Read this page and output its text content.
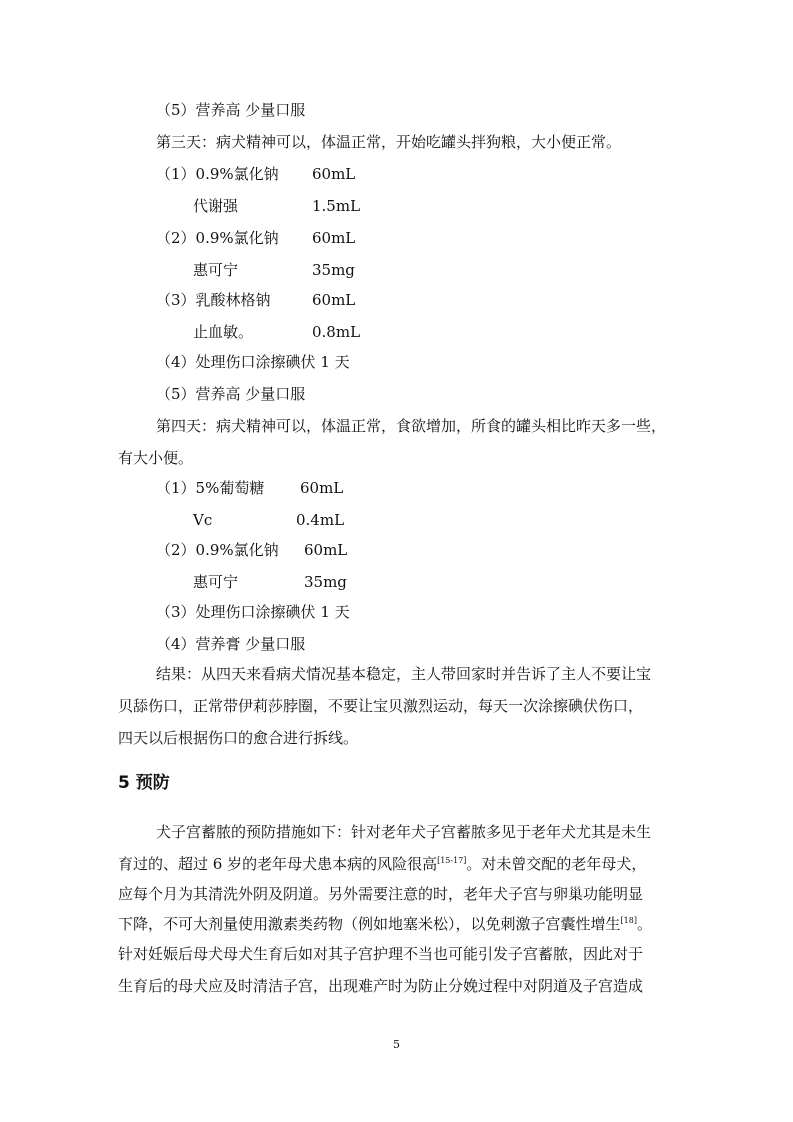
（5）营养高 少量口服
第三天：病犬精神可以，体温正常，开始吃罐头拌狗粮，大小便正常。
（1）0.9%氯化钠 60mL
代谢强	1.5mL
（2）0.9%氯化钠 60mL
惠可宁	35mg
（3）乳酸林格钠	60mL
止血敏。	0.8mL
（4）处理伤口涂擦碘伏 1 天
（5）营养高 少量口服
第四天：病犬精神可以，体温正常，食欲增加，所食的罐头相比昨天多一些，
有大小便。
（1）5%葡萄糖 60mL
Vc	0.4mL
（2）0.9%氯化钠 60mL
惠可宁	35mg
（3）处理伤口涂擦碘伏 1 天
（4）营养膏 少量口服
结果：从四天来看病犬情况基本稳定，主人带回家时并告诉了主人不要让宝
贝舔伤口，正常带伊莉莎脖圈，不要让宝贝激烈运动，每天一次涂擦碘伏伤口，
四天以后根据伤口的愈合进行拆线。
5 预防
犬子宫蓄脓的预防措施如下：针对老年犬子宫蓄脓多见于老年犬尤其是未生
育过的、超过 6 岁的老年母犬患本病的风险很高[15-17]。对未曾交配的老年母犬，
应每个月为其清洗外阴及阴道。另外需要注意的时，老年犬子宫与卵巢功能明显
下降，不可大剂量使用激素类药物（例如地塞米松），以免刺激子宫囊性增生[18]。
针对妊娠后母犬母犬生育后如对其子宫护理不当也可能引发子宫蓄脓，因此对于
生育后的母犬应及时清洁子宫，出现难产时为防止分娩过程中对阴道及子宫造成
5
